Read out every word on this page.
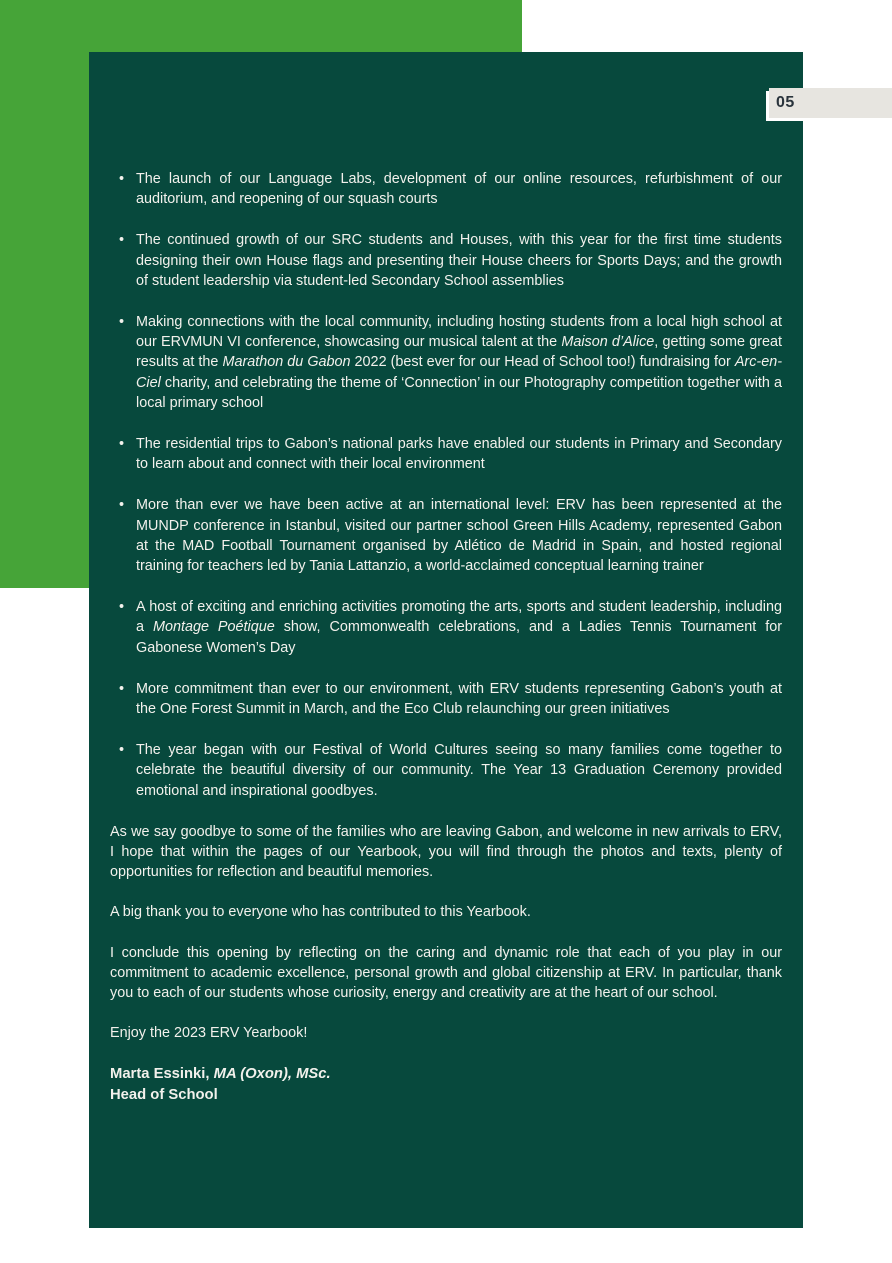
• The launch of our Language Labs, development of our online resources, refurbishment of our auditorium, and reopening of our squash courts
• The continued growth of our SRC students and Houses, with this year for the first time students designing their own House flags and presenting their House cheers for Sports Days; and the growth of student leadership via student-led Secondary School assemblies
• Making connections with the local community, including hosting students from a local high school at our ERVMUN VI conference, showcasing our musical talent at the Maison d’Alice, getting some great results at the Marathon du Gabon 2022 (best ever for our Head of School too!) fundraising for Arc-en-Ciel charity, and celebrating the theme of ‘Connection’ in our Photography competition together with a local primary school
• The residential trips to Gabon’s national parks have enabled our students in Primary and Secondary to learn about and connect with their local environment
• More than ever we have been active at an international level: ERV has been represented at the MUNDP conference in Istanbul, visited our partner school Green Hills Academy, represented Gabon at the MAD Football Tournament organised by Atlético de Madrid in Spain, and hosted regional training for teachers led by Tania Lattanzio, a world-acclaimed conceptual learning trainer
• A host of exciting and enriching activities promoting the arts, sports and student leadership, including a Montage Poétique show, Commonwealth celebrations, and a Ladies Tennis Tournament for Gabonese Women’s Day
• More commitment than ever to our environment, with ERV students representing Gabon’s youth at the One Forest Summit in March, and the Eco Club relaunching our green initiatives
• The year began with our Festival of World Cultures seeing so many families come together to celebrate the beautiful diversity of our community. The Year 13 Graduation Ceremony provided emotional and inspirational goodbyes.

As we say goodbye to some of the families who are leaving Gabon, and welcome in new arrivals to ERV, I hope that within the pages of our Yearbook, you will find through the photos and texts, plenty of opportunities for reflection and beautiful memories.

A big thank you to everyone who has contributed to this Yearbook.

I conclude this opening by reflecting on the caring and dynamic role that each of you play in our commitment to academic excellence, personal growth and global citizenship at ERV. In particular, thank you to each of our students whose curiosity, energy and creativity are at the heart of our school.

Enjoy the 2023 ERV Yearbook!

Marta Essinki, MA (Oxon), MSc.

Head of School

05
